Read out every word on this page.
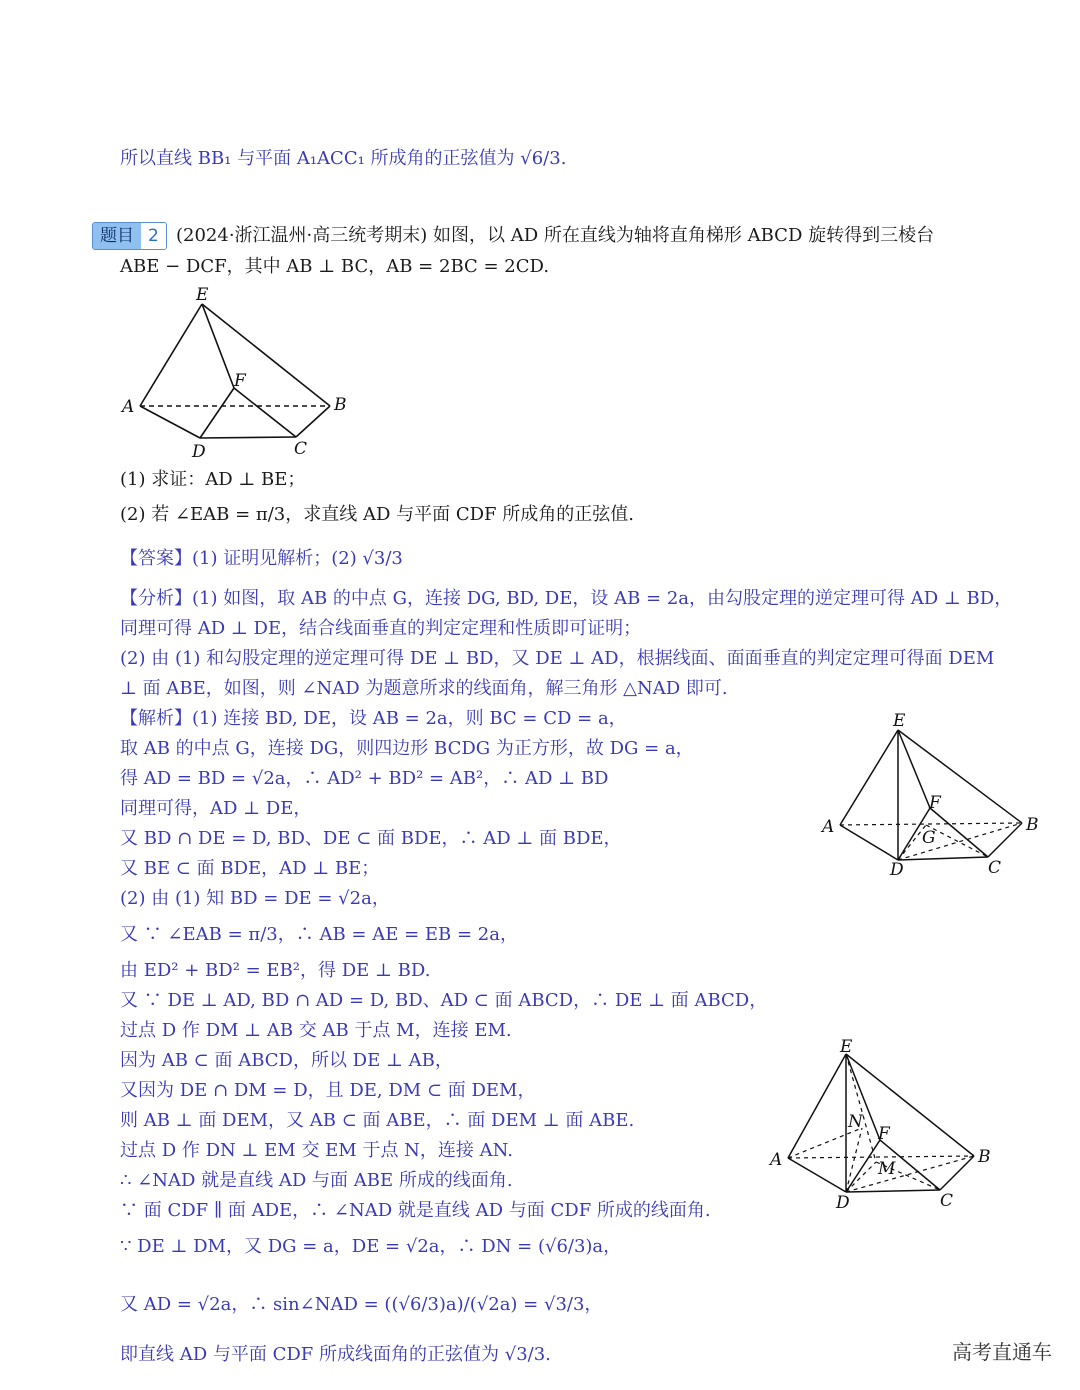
所以直线 BB₁ 与平面 A₁ACC₁ 所成角的正弦值为 √6/3.
题目 2 (2024·浙江温州·高三统考期末) 如图，以 AD 所在直线为轴将直角梯形 ABCD 旋转得到三棱台
ABE − DCF，其中 AB ⊥ BC，AB = 2BC = 2CD.
E
F
A	B
C
D
(1) 求证：AD ⊥ BE；
(2) 若 ∠EAB = π/3，求直线 AD 与平面 CDF 所成角的正弦值.
【答案】(1) 证明见解析；(2) √3/3
【分析】(1) 如图，取 AB 的中点 G，连接 DG, BD, DE，设 AB = 2a，由勾股定理的逆定理可得 AD ⊥ BD，
同理可得 AD ⊥ DE，结合线面垂直的判定定理和性质即可证明；
(2) 由 (1) 和勾股定理的逆定理可得 DE ⊥ BD，又 DE ⊥ AD，根据线面、面面垂直的判定定理可得面 DEM
⊥ 面 ABE，如图，则 ∠NAD 为题意所求的线面角，解三角形 △NAD 即可.
【解析】(1) 连接 BD, DE，设 AB = 2a，则 BC = CD = a，
取 AB 的中点 G，连接 DG，则四边形 BCDG 为正方形，故 DG = a，
得 AD = BD = √2a，∴ AD² + BD² = AB²，∴ AD ⊥ BD
同理可得，AD ⊥ DE，
又 BD ∩ DE = D, BD、DE ⊂ 面 BDE，∴ AD ⊥ 面 BDE，
又 BE ⊂ 面 BDE，AD ⊥ BE；
(2) 由 (1) 知 BD = DE = √2a，
又 ∵ ∠EAB = π/3，∴ AB = AE = EB = 2a，
由 ED² + BD² = EB²，得 DE ⊥ BD.
又 ∵ DE ⊥ AD, BD ∩ AD = D, BD、AD ⊂ 面 ABCD，∴ DE ⊥ 面 ABCD，
过点 D 作 DM ⊥ AB 交 AB 于点 M，连接 EM.
因为 AB ⊂ 面 ABCD，所以 DE ⊥ AB，
又因为 DE ∩ DM = D，且 DE, DM ⊂ 面 DEM，
则 AB ⊥ 面 DEM，又 AB ⊂ 面 ABE，∴ 面 DEM ⊥ 面 ABE.
过点 D 作 DN ⊥ EM 交 EM 于点 N，连接 AN.
∴ ∠NAD 就是直线 AD 与面 ABE 所成的线面角.
∵ 面 CDF ∥ 面 ADE，∴ ∠NAD 就是直线 AD 与面 CDF 所成的线面角.
∵ DE ⊥ DM，又 DG = a，DE = √2a，∴ DN = (√6/3)a，
又 AD = √2a，∴ sin∠NAD = ((√6/3)a)/(√2a) = √3/3，
即直线 AD 与平面 CDF 所成线面角的正弦值为 √3/3.
E
F
A	B
G
C
D
E
N
F
M
A	B
C
D
高考直通车
